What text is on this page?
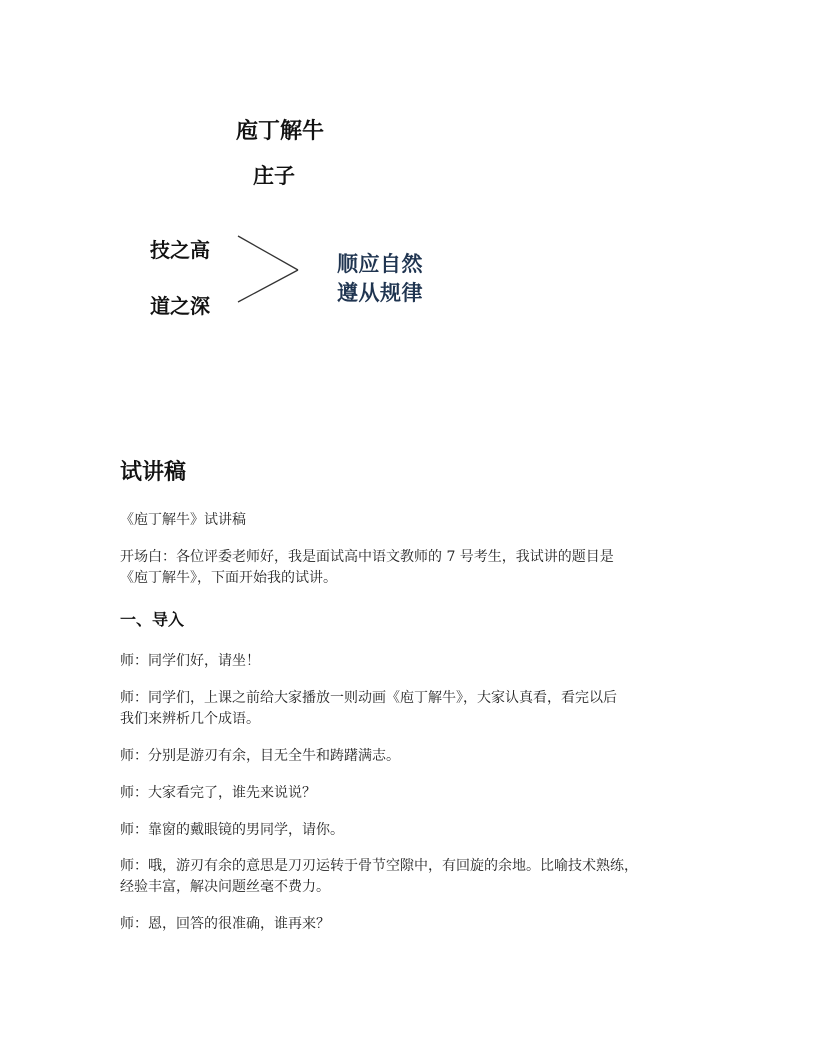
庖丁解牛
庄子
技之高
道之深
顺应自然
遵从规律
试讲稿
《庖丁解牛》试讲稿
开场白：各位评委老师好，我是面试高中语文教师的 7 号考生，我试讲的题目是
《庖丁解牛》，下面开始我的试讲。
一、导入
师：同学们好，请坐！
师：同学们，上课之前给大家播放一则动画《庖丁解牛》，大家认真看，看完以后
我们来辨析几个成语。
师：分别是游刃有余，目无全牛和踌躇满志。
师：大家看完了，谁先来说说？
师：靠窗的戴眼镜的男同学，请你。
师：哦，游刃有余的意思是刀刃运转于骨节空隙中，有回旋的余地。比喻技术熟练，
经验丰富，解决问题丝毫不费力。
师：恩，回答的很准确，谁再来？
